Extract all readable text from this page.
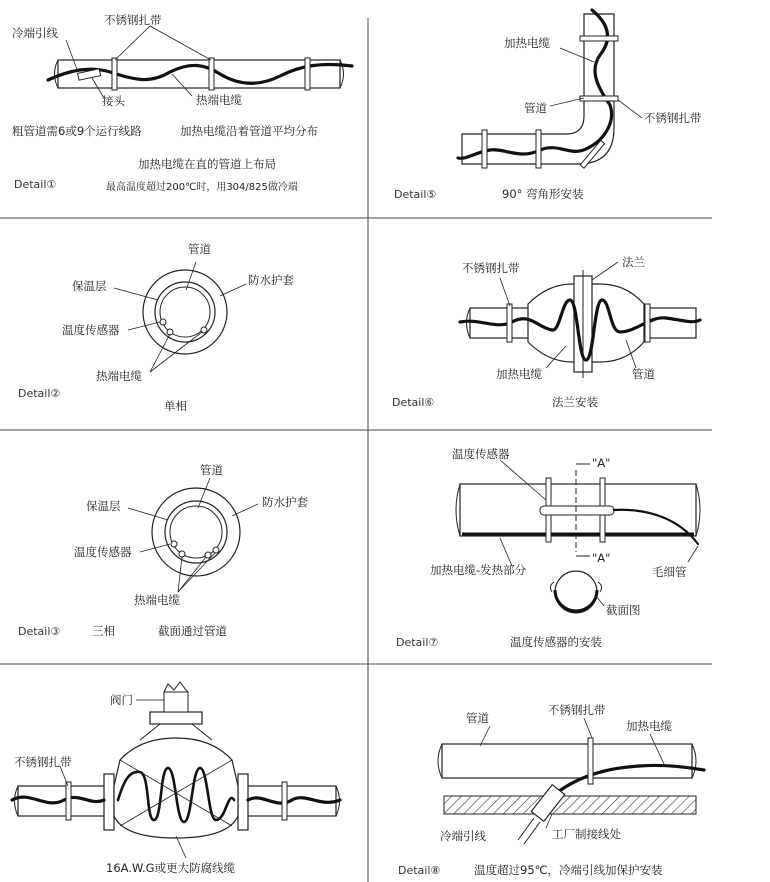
冷端引线
不锈钢扎带
接头	热端电缆
粗管道需6或9个运行线路	加热电缆沿着管道平均分布
加热电缆在直的管道上布局
Detail①	最高温度超过200℃时，用304/825做冷端
加热电缆
管道
不锈钢扎带
Detail⑤	90° 弯角形安装
管道
保温层	防水护套
温度传感器
热端电缆
Detail②
单相
不锈钢扎带	法兰
加热电缆	管道
Detail⑥	法兰安装
管道
保温层	防水护套
温度传感器
热端电缆
Detail③	三相	截面通过管道
温度传感器
"A"
"A"
加热电缆-发热部分	毛细管
截面图
Detail⑦	温度传感器的安装
阀门
不锈钢扎带
16A.W.G或更大防腐线缆
管道
不锈钢扎带
加热电缆
冷端引线	工厂制接线处
Detail⑧	温度超过95℃，冷端引线加保护安装
